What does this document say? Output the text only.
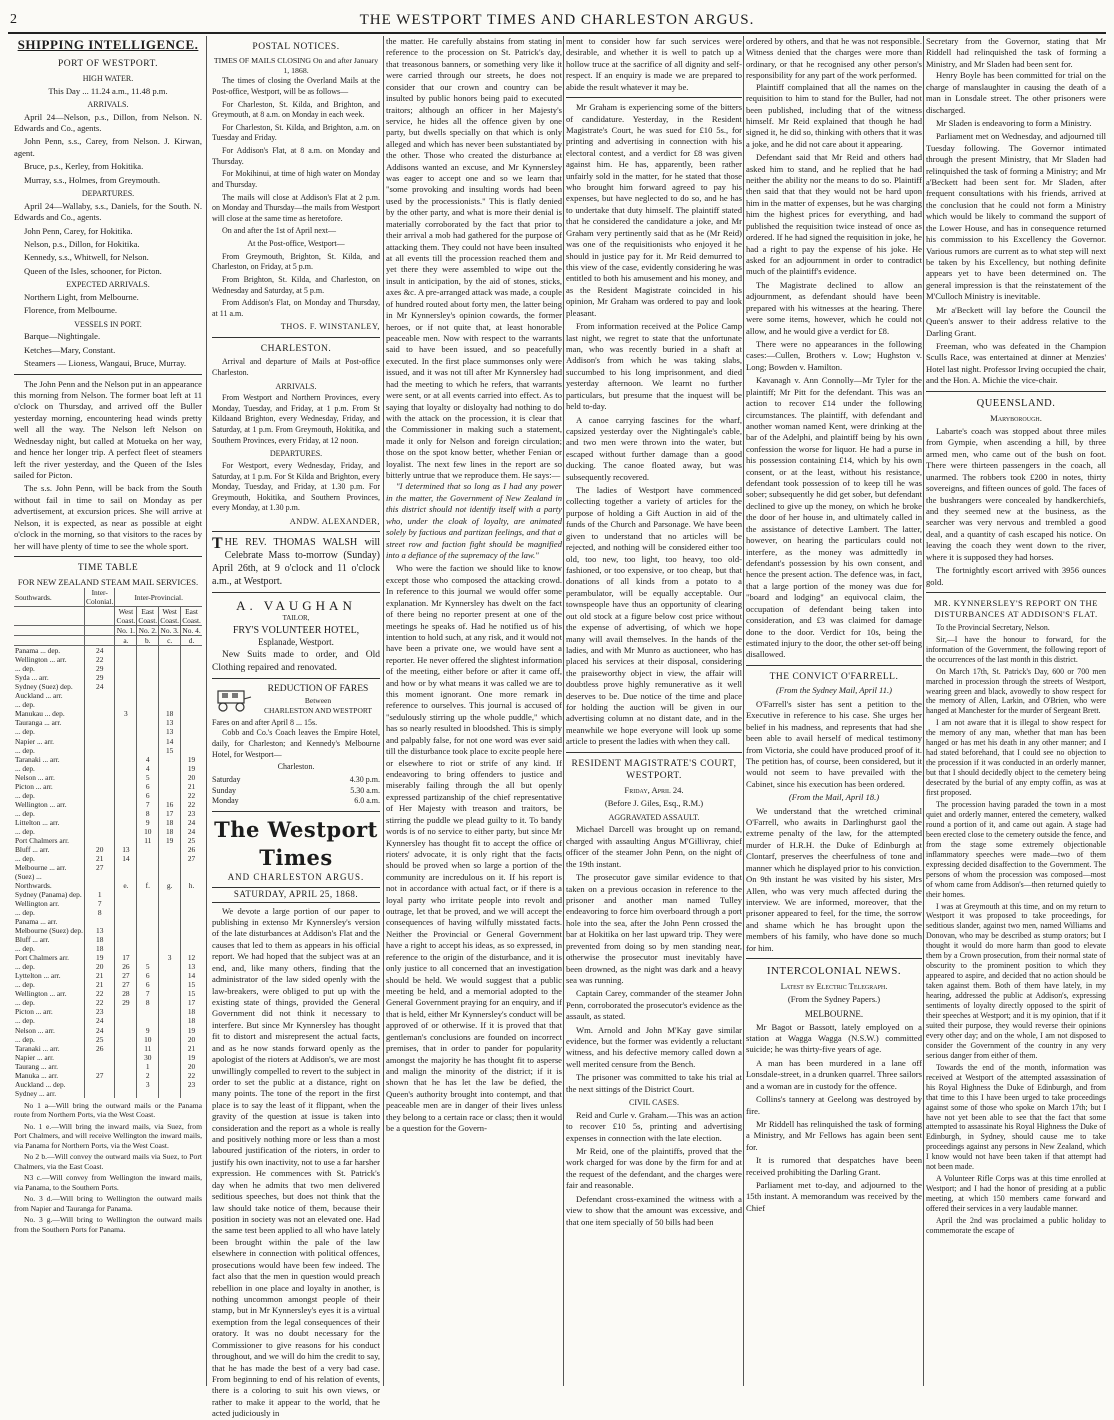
2	THE WESTPORT TIMES AND CHARLESTON ARGUS.
SHIPPING INTELLIGENCE.
PORT OF WESTPORT.
HIGH WATER.

This Day ... 11.24 a.m., 11.48 p.m.

ARRIVALS.

April 24—Nelson, p.s., Dillon, from Nelson. N. Edwards and Co., agents.

John Penn, s.s., Carey, from Nelson. J. Kirwan, agent.

Bruce, p.s., Kerley, from Hokitika.

Murray, s.s., Holmes, from Greymouth.

DEPARTURES.

April 24—Wallaby, s.s., Daniels, for the South. N. Edwards and Co., agents.

John Penn, Carey, for Hokitika.

Nelson, p.s., Dillon, for Hokitika.

Kennedy, s.s., Whitwell, for Nelson.

Queen of the Isles, schooner, for Picton.

EXPECTED ARRIVALS.

Northern Light, from Melbourne.

Florence, from Melbourne.

VESSELS IN PORT.

Barque—Nightingale.

Ketches—Mary, Constant.

Steamers — Lioness, Wangaui, Bruce, Murray.

The John Penn and the Nelson put in an appearance this morning from Nelson. The former boat left at 11 o'clock on Thursday, and arrived off the Buller yesterday morning, encountering head winds pretty well all the way. The Nelson left Nelson on Wednesday night, but called at Motueka on her way, and hence her longer trip. A perfect fleet of steamers left the river yesterday, and the Queen of the Isles sailed for Picton.

The s.s. John Penn, will be back from the South without fail in time to sail on Monday as per advertisement, at excursion prices. She will arrive at Nelson, it is expected, as near as possible at eight o'clock in the morning, so that visitors to the races by her will have plenty of time to see the whole sport.

TIME TABLE

FOR NEW ZEALAND STEAM MAIL SERVICES.

Southwards.	Inter-Colonial.	Inter-Provincial.			
		West Coast.	East Coast.	West Coast.	East Coast.
		No. 1.	No. 2.	No. 3.	No. 4.
		a.	b.	c.	d.
Panama ... dep.	24				
Wellington ... arr.	22				
... dep.	29				
Syda ... arr.	29				
Sydney (Suez) dep.	24				
Auckland ... arr.					
... dep.					
Manukau ... dep.		3		18	
Tauranga ... arr.				13	
... dep.				13	
Napier ... arr.				14	
... dep.				15	
Taranaki ... arr.			4		19
... dep.			4		19
Nelson ... arr.			5		20
Picton ... arr.			6		21
... dep.			6		22
Wellington ... arr.			7	16	22
... dep.			8	17	23
Littelton ... arr.			9	18	24
... dep.			10	18	24
Port Chalmers arr.			11	19	25
Bluff ... arr.	20	13			26
... dep.	21	14			27
Melbourne ... arr.	27				
(Suez) ...					
Northwards.		e.	f.	g.	h.
Sydney (Panama) dep.	1				
Wellington arr.	7				
... dep.	8				
Panama ... arr.					
Melbourne (Suez) dep.	13				
Bluff ... arr.	18				
... dep.	18				
Port Chalmers arr.	19	17		3	12
... dep.	20	26	5		13
Lyttelton ... arr.	21	27	6		14
... dep.	21	27	6		15
Wellington ... arr.	22	28	7		15
... dep.	22	29	8		17
Picton ... arr.	23				18
... dep.	24				18
Nelson ... arr.	24		9		19
... dep.	25		10		20
Taranaki ... arr.	26		11		21
Napier ... arr.			30		19
Taurang ... arr.			1		20
Manuka ... arr.	27		2		22
Auckland ... dep.			3		23
Sydney ... arr.					

No 1 a—Will bring the outward mails or the Panama route from Northern Ports, via the West Coast.

No. 1 e.—Will bring the inward mails, via Suez, from Port Chalmers, and will receive Wellington the inward mails, via Panama for Northern Ports, via the West Coast.

No 2 b.—Will convey the outward mails via Suez, to Port Chalmers, via the East Coast.

N3 c.—Will convey from Wellington the inward mails, via Panama, to the Southern Ports.

No. 3 d.—Will bring to Wellington the outward mails from Napier and Tauranga for Panama.

No. 3 g.—Will bring to Wellington the outward mails from the Southern Ports for Panama.

POSTAL NOTICES.

TIMES OF MAILS CLOSING On and after January 1, 1868.

The times of closing the Overland Mails at the Post-office, Westport, will be as follows—

For Charleston, St. Kilda, and Brighton, and Greymouth, at 8 a.m. on Monday in each week.

For Charleston, St. Kilda, and Brighton, a.m. on Tuesday and Friday.

For Addison's Flat, at 8 a.m. on Monday and Thursday.

For Mokihinui, at time of high water on Monday and Thursday.

The mails will close at Addison's Flat at 2 p.m. on Monday and Thursday—the mails from Westport will close at the same time as heretofore.

On and after the 1st of April next—

At the Post-office, Westport—

From Greymouth, Brighton, St. Kilda, and Charleston, on Friday, at 5 p.m.

From Brighton, St. Kilda, and Charleston, on Wednesday and Saturday, at 5 p.m.

From Addison's Flat, on Monday and Thursday, at 11 a.m.

THOS. F. WINSTANLEY,

CHARLESTON.

Arrival and departure of Mails at Post-office Charleston.

ARRIVALS.

From Westport and Northern Provinces, every Monday, Tuesday, and Friday, at 1 p.m. From St Kildaand Brighton, every Wednesday, Friday, and Saturday, at 1 p.m. From Greymouth, Hokitika, and Southern Provinces, every Friday, at 12 noon.

DEPARTURES.

For Westport, every Wednesday, Friday, and Saturday, at 1 p.m. For St Kilda and Brighton, every Monday, Tuesday, and Friday, at 1.30 p.m. For Greymouth, Hokitika, and Southern Provinces, every Monday, at 1.30 p.m.

ANDW. ALEXANDER,

T HE REV. THOMAS WALSH will Celebrate Mass to-morrow (Sunday) April 26th, at 9 o'clock and 11 o'clock a.m., at Westport.
A. VAUGHAN
TAILOR,
FRY'S VOLUNTEER HOTEL,
Esplanade, Westport.

New Suits made to order, and Old Clothing repaired and renovated.

REDUCTION OF FARES
Between
CHARLESTON AND WESTPORT

Fares on and after April 8 ... 15s.

Cobb and Co.'s Coach leaves the Empire Hotel, daily, for Charleston; and Kennedy's Melbourne Hotel, for Westport—

Charleston.

Saturday	4.30 p.m.
Sunday	5.30 a.m.
Monday	6.0 a.m.
The Westport Times
AND CHARLESTON ARGUS.
SATURDAY, APRIL 25, 1868.

We devote a large portion of our paper to publishing in extenso Mr Kynnersley's version of the late disturbances at Addison's Flat and the causes that led to them as appears in his official report. We had hoped that the subject was at an end, and, like many others, finding that the administrator of the law sided openly with the law-breakers, were obliged to put up with the existing state of things, provided the General Government did not think it necessary to interfere. But since Mr Kynnersley has thought fit to distort and misrepresent the actual facts, and as he now stands forward openly as the apologist of the rioters at Addison's, we are most unwillingly compelled to revert to the subject in order to set the public at a distance, right on many points. The tone of the report in the first place is to say the least of it flippant, when the gravity of the question at issue is taken into consideration and the report as a whole is really and positively nothing more or less than a most laboured justification of the rioters, in order to justify his own inactivity, not to use a far harsher expression. He commences with St. Patrick's day when he admits that two men delivered seditious speeches, but does not think that the law should take notice of them, because their position in society was not an elevated one. Had the same test been applied to all who have lately been brought within the pale of the law elsewhere in connection with political offences, prosecutions would have been few indeed. The fact also that the men in question would preach rebellion in one place and loyalty in another, is nothing uncommon amongst people of their stamp, but in Mr Kynnersley's eyes it is a virtual exemption from the legal consequences of their oratory. It was no doubt necessary for the Commissioner to give reasons for his conduct throughout, and we will do him the credit to say, that he has made the best of a very bad case. From beginning to end of his relation of events, there is a coloring to suit his own views, or rather to make it appear to the world, that he acted judiciously in

the matter. He carefully abstains from stating in reference to the procession on St. Patrick's day, that treasonous banners, or something very like it were carried through our streets, he does not consider that our crown and country can be insulted by public honors being paid to executed traitors; although an officer in her Majesty's service, he hides all the offence given by one party, but dwells specially on that which is only alleged and which has never been substantiated by the other. Those who created the disturbance at Addisons wanted an excuse, and Mr Kynnersley was eager to accept one and so we learn that "some provoking and insulting words had been used by the processionists." This is flatly denied by the other party, and what is more their denial is materially corroborated by the fact that prior to their arrival a mob had gathered for the purpose of attacking them. They could not have been insulted at all events till the procession reached them and yet there they were assembled to wipe out the insult in anticipation, by the aid of stones, sticks, axes &c. A pre-arranged attack was made, a couple of hundred routed about forty men, the latter being in Mr Kynnersley's opinion cowards, the former heroes, or if not quite that, at least honorable peaceable men. Now with respect to the warrants said to have been issued, and so peacefully executed. In the first place summonses only were issued, and it was not till after Mr Kynnersley had had the meeting to which he refers, that warrants were sent, or at all events carried into effect. As to saying that loyalty or disloyalty had nothing to do with the attack on the procession, it is clear that the Commissioner in making such a statement, made it only for Nelson and foreign circulation; those on the spot know better, whether Fenian or loyalist. The next few lines in the report are so bitterly untrue that we reproduce them. He says:—

"I determined that so long as I had any power in the matter, the Government of New Zealand in this district should not identify itself with a party who, under the cloak of loyalty, are animated solely by factious and partizan feelings, and that a street row and faction fight should be magnified into a defiance of the supremacy of the law."

Who were the faction we should like to know except those who composed the attacking crowd. In reference to this journal we would offer some explanation. Mr Kynnersley has dwelt on the fact of there being no reporter present at one of the meetings he speaks of. Had he notified us of his intention to hold such, at any risk, and it would not have been a private one, we would have sent a reporter. He never offered the slightest information of the meeting, either before or after it came off, and how or by what means it was called we are to this moment ignorant. One more remark in reference to ourselves. This journal is accused of "sedulously stirring up the whole puddle," which has so nearly resulted in bloodshed. This is simply and palpably false, for not one word was ever said till the disturbance took place to excite people here or elsewhere to riot or strife of any kind. If endeavoring to bring offenders to justice and miserably failing through the all but openly expressed partizanship of the chief representative of Her Majesty with treason and traitors, be stirring the puddle we plead guilty to it. To bandy words is of no service to either party, but since Mr Kynnersley has thought fit to accept the office of rioters' advocate, it is only right that the facts should be proved when so large a portion of the community are incredulous on it. If his report is not in accordance with actual fact, or if there is a loyal party who irritate people into revolt and outrage, let that be proved, and we will accept the consequences of having wilfully misstated facts. Neither the Provincial or General Government have a right to accept his ideas, as so expressed, in reference to the origin of the disturbance, and it is only justice to all concerned that an investigation should be held. We would suggest that a public meeting be held, and a memorial adopted to the General Government praying for an enquiry, and if that is held, either Mr Kynnersley's conduct will be approved of or otherwise. If it is proved that that gentleman's conclusions are founded on incorrect premises, that in order to pander for popularity amongst the majority he has thought fit to asperse and malign the minority of the district; if it is shown that he has let the law be defied, the Queen's authority brought into contempt, and that peaceable men are in danger of their lives unless they belong to a certain race or class; then it would be a question for the Govern-

ment to consider how far such services were desirable, and whether it is well to patch up a hollow truce at the sacrifice of all dignity and self-respect. If an enquiry is made we are prepared to abide the result whatever it may be.

Mr Graham is experiencing some of the bitters of candidature. Yesterday, in the Resident Magistrate's Court, he was sued for £10 5s., for printing and advertising in connection with his electoral contest, and a verdict for £8 was given against him. He has, apparently, been rather unfairly sold in the matter, for he stated that those who brought him forward agreed to pay his expenses, but have neglected to do so, and he has to undertake that duty himself. The plaintiff stated that he considered the candidature a joke, and Mr Graham very pertinently said that as he (Mr Reid) was one of the requisitionists who enjoyed it he should in justice pay for it. Mr Reid demurred to this view of the case, evidently considering he was entitled to both his amusement and his money, and as the Resident Magistrate coincided in his opinion, Mr Graham was ordered to pay and look pleasant.

From information received at the Police Camp last night, we regret to state that the unfortunate man, who was recently buried in a shaft at Addison's from which he was taking slabs, succumbed to his long imprisonment, and died yesterday afternoon. We learnt no further particulars, but presume that the inquest will be held to-day.

A canoe carrying fascines for the wharf, capsized yesterday over the Nightingale's cable, and two men were thrown into the water, but escaped without further damage than a good ducking. The canoe floated away, but was subsequently recovered.

The ladies of Westport have commenced collecting together a variety of articles for the purpose of holding a Gift Auction in aid of the funds of the Church and Parsonage. We have been given to understand that no articles will be rejected, and nothing will be considered either too old, too new, too light, too heavy, too old-fashioned, or too expensive, or too cheap, but that donations of all kinds from a potato to a perambulator, will be equally acceptable. Our townspeople have thus an opportunity of clearing out old stock at a figure below cost price without the expense of advertising, of which we hope many will avail themselves. In the hands of the ladies, and with Mr Munro as auctioneer, who has placed his services at their disposal, considering the praiseworthy object in view, the affair will doubtless prove highly remunerative as it well deserves to be. Due notice of the time and place for holding the auction will be given in our advertising column at no distant date, and in the meanwhile we hope everyone will look up some article to present the ladies with when they call.

RESIDENT MAGISTRATE'S COURT, WESTPORT.

Friday, April 24.

(Before J. Giles, Esq., R.M.)

AGGRAVATED ASSAULT.

Michael Darcell was brought up on remand, charged with assaulting Angus M'Gillivray, chief officer of the steamer John Penn, on the night of the 19th instant.

The prosecutor gave similar evidence to that taken on a previous occasion in reference to the prisoner and another man named Tulley endeavoring to force him overboard through a port hole into the sea, after the John Penn crossed the bar at Hokitika on her last upward trip. They were prevented from doing so by men standing near, otherwise the prosecutor must inevitably have been drowned, as the night was dark and a heavy sea was running.

Captain Carey, commander of the steamer John Penn, corroborated the prosecutor's evidence as the assault, as stated.

Wm. Arnold and John M'Kay gave similar evidence, but the former was evidently a reluctant witness, and his defective memory called down a well merited censure from the Bench.

The prisoner was committed to take his trial at the next sittings of the District Court.

CIVIL CASES.

Reid and Curle v. Graham.—This was an action to recover £10 5s, printing and advertising expenses in connection with the late election.

Mr Reid, one of the plaintiffs, proved that the work charged for was done by the firm for and at the request of the defendant, and the charges were fair and reasonable.

Defendant cross-examined the witness with a view to show that the amount was excessive, and that one item specially of 50 bills had been

ordered by others, and that he was not responsible. Witness denied that the charges were more than ordinary, or that he recognised any other person's responsibility for any part of the work performed.

Plaintiff complained that all the names on the requisition to him to stand for the Buller, had not been published, including that of the witness himself. Mr Reid explained that though he had signed it, he did so, thinking with others that it was a joke, and he did not care about it appearing.

Defendant said that Mr Reid and others had asked him to stand, and he replied that he had neither the ability nor the means to do so. Plaintiff then said that that they would not be hard upon him in the matter of expenses, but he was charging him the highest prices for everything, and had published the requisition twice instead of once as ordered. If he had signed the requisition in joke, he had a right to pay the expense of his joke. He asked for an adjournment in order to contradict much of the plaintiff's evidence.

The Magistrate declined to allow an adjournment, as defendant should have been prepared with his witnesses at the hearing. There were some items, however, which he could not allow, and he would give a verdict for £8.

There were no appearances in the following cases:—Cullen, Brothers v. Low; Hughston v. Long; Bowden v. Hamilton.

Kavanagh v. Ann Connolly—Mr Tyler for the plaintiff; Mr Pitt for the defendant. This was an action to recover £14 under the following circumstances. The plaintiff, with defendant and another woman named Kent, were drinking at the bar of the Adelphi, and plaintiff being by his own confession the worse for liquor. He had a purse in his possession containing £14, which by his own consent, or at the least, without his resistance, defendant took possession of to keep till he was sober; subsequently he did get sober, but defendant declined to give up the money, on which he broke the door of her house in, and ultimately called in the assistance of detective Lambert. The latter, however, on hearing the particulars could not interfere, as the money was admittedly in defendant's possession by his own consent, and hence the present action. The defence was, in fact, that a large portion of the money was due for "board and lodging" an equivocal claim, the occupation of defendant being taken into consideration, and £3 was claimed for damage done to the door. Verdict for 10s, being the estimated injury to the door, the other set-off being disallowed.

THE CONVICT O'FARRELL.

(From the Sydney Mail, April 11.)

O'Farrell's sister has sent a petition to the Executive in reference to his case. She urges her belief in his madness, and represents that had she been able to avail herself of medical testimony from Victoria, she could have produced proof of it. The petition has, of course, been considered, but it would not seem to have prevailed with the Cabinet, since his execution has been ordered.

(From the Mail, April 18.)

We understand that the wretched criminal O'Farrell, who awaits in Darlinghurst gaol the extreme penalty of the law, for the attempted murder of H.R.H. the Duke of Edinburgh at Clontarf, preserves the cheerfulness of tone and manner which he displayed prior to his conviction. On 9th instant he was visited by his sister, Mrs Allen, who was very much affected during the interview. We are informed, moreover, that the prisoner appeared to feel, for the time, the sorrow and shame which he has brought upon the members of his family, who have done so much for him.

INTERCOLONIAL NEWS.

Latest by Electric Telegraph.

(From the Sydney Papers.)

MELBOURNE.

Mr Bagot or Bassott, lately employed on a station at Wagga Wagga (N.S.W.) committed suicide; he was thirty-five years of age.

A man has been murdered in a lane off Lonsdale-street, in a drunken quarrel. Three sailors and a woman are in custody for the offence.

Collins's tannery at Geelong was destroyed by fire.

Mr Riddell has relinquished the task of forming a Ministry, and Mr Fellows has again been sent for.

It is rumored that despatches have been received prohibiting the Darling Grant.

Parliament met to-day, and adjourned to the 15th instant. A memorandum was received by the Chief

Secretary from the Governor, stating that Mr Riddell had relinquished the task of forming a Ministry, and Mr Sladen had been sent for.

Henry Boyle has been committed for trial on the charge of manslaughter in causing the death of a man in Lonsdale street. The other prisoners were discharged.

Mr Sladen is endeavoring to form a Ministry.

Parliament met on Wednesday, and adjourned till Tuesday following. The Governor intimated through the present Ministry, that Mr Sladen had relinquished the task of forming a Ministry; and Mr a'Beckett had been sent for. Mr Sladen, after frequent consultations with his friends, arrived at the conclusion that he could not form a Ministry which would be likely to command the support of the Lower House, and has in consequence returned his commission to his Excellency the Governor. Various rumors are current as to what step will next be taken by his Excellency, but nothing definite appears yet to have been determined on. The general impression is that the reinstatement of the M'Culloch Ministry is inevitable.

Mr a'Beckett will lay before the Council the Queen's answer to their address relative to the Darling Grant.

Freeman, who was defeated in the Champion Sculls Race, was entertained at dinner at Menzies' Hotel last night. Professor Irving occupied the chair, and the Hon. A. Michie the vice-chair.

QUEENSLAND.

Maryborough.

Labarte's coach was stopped about three miles from Gympie, when ascending a hill, by three armed men, who came out of the bush on foot. There were thirteen passengers in the coach, all unarmed. The robbers took £200 in notes, thirty sovereigns, and fifteen ounces of gold. The faces of the bushrangers were concealed by handkerchiefs, and they seemed new at the business, as the searcher was very nervous and trembled a good deal, and a quantity of cash escaped his notice. On leaving the coach they went down to the river, where it is supposed they had horses.

The fortnightly escort arrived with 3956 ounces gold.

MR. KYNNERSLEY'S REPORT ON THE DISTURBANCES AT ADDISON'S FLAT.

To the Provincial Secretary, Nelson.

Sir,—I have the honour to forward, for the information of the Government, the following report of the occurrences of the last month in this district.

On March 17th, St. Patrick's Day, 600 or 700 men marched in procession through the streets of Westport, wearing green and black, avowedly to show respect for the memory of Allen, Larkin, and O'Brien, who were hanged at Manchester for the murder of Sergeant Brett.

I am not aware that it is illegal to show respect for the memory of any man, whether that man has been hanged or has met his death in any other manner; and I had stated beforehand, that I could see no objection to the procession if it was conducted in an orderly manner, but that I should decidedly object to the cemetery being desecrated by the burial of any empty coffin, as was at first proposed.

The procession having paraded the town in a most quiet and orderly manner, entered the cemetery, walked round a portion of it, and came out again. A stage had been erected close to the cemetery outside the fence, and from the stage some extremely objectionable inflammatory speeches were made—two of them expressing decided disaffection to the Government. The persons of whom the procession was composed—most of whom came from Addison's—then returned quietly to their homes.

I was at Greymouth at this time, and on my return to Westport it was proposed to take proceedings, for seditious slander, against two men, named Williams and Donovan, who may be described as stump orators; but I thought it would do more harm than good to elevate them by a Crown prosecution, from their normal state of obscurity to the prominent position to which they appeared to aspire, and decided that no action should be taken against them. Both of them have lately, in my hearing, addressed the public at Addison's, expressing sentiments of loyalty directly opposed to the spirit of their speeches at Westport; and it is my opinion, that if it suited their purpose, they would reverse their opinions every other day; and on the whole, I am not disposed to consider the Government of the country in any very serious danger from either of them.

Towards the end of the month, information was received at Westport of the attempted assassination of his Royal Highness the Duke of Edinburgh, and from that time to this I have been urged to take proceedings against some of those who spoke on March 17th; but I have not yet been able to see that the fact that some attempted to assassinate his Royal Highness the Duke of Edinburgh, in Sydney, should cause me to take proceedings against any persons in New Zealand, which I know would not have been taken if that attempt had not been made.

A Volunteer Rifle Corps was at this time enrolled at Westport; and I had the honor of presiding at a public meeting, at which 150 members came forward and offered their services in a very laudable manner.

April the 2nd was proclaimed a public holiday to commemorate the escape of
